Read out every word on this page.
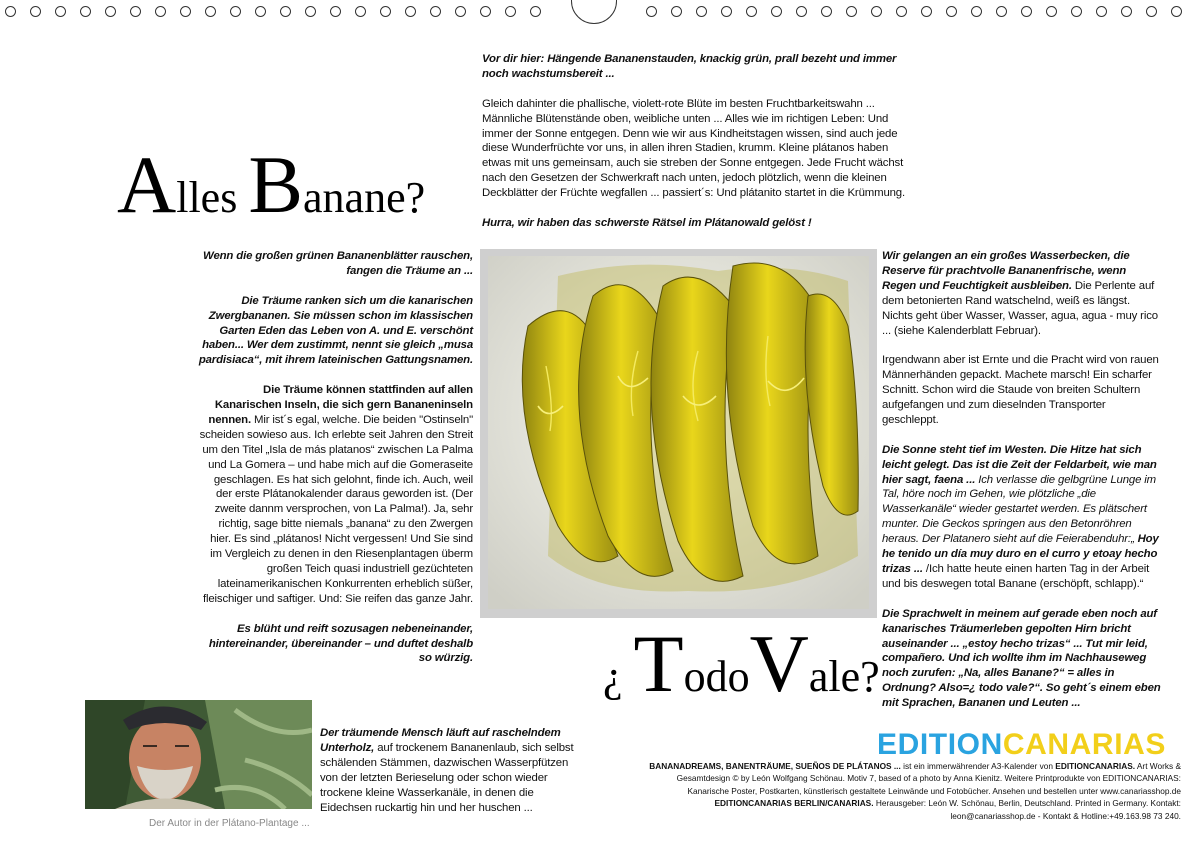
Alles Banane?

Vor dir hier: Hängende Bananenstauden, knackig grün, prall bezeht und immer noch wachstumsbereit ...

Gleich dahinter die phallische, violett-rote Blüte im besten Fruchtbarkeitswahn ... Männliche Blütenstände oben, weibliche unten ... Alles wie im richtigen Leben: Und immer der Sonne entgegen. Denn wie wir aus Kindheitstagen wissen, sind auch jede diese Wunderfrüchte vor uns, in allen ihren Stadien, krumm. Kleine plátanos haben etwas mit uns gemeinsam, auch sie streben der Sonne entgegen. Jede Frucht wächst nach den Gesetzen der Schwerkraft nach unten, jedoch plötzlich, wenn die kleinen Deckblätter der Früchte wegfallen ... passiert´s: Und plátanito startet in die Krümmung.

Hurra, wir haben das schwerste Rätsel im Plátanowald gelöst !

Wenn die großen grünen Bananenblätter rauschen, fangen die Träume an ...

Die Träume ranken sich um die kanarischen Zwergbananen. Sie müssen schon im klassischen Garten Eden das Leben von A. und E. verschönt haben... Wer dem zustimmt, nennt sie gleich „musa pardisiaca“, mit ihrem lateinischen Gattungsnamen.

Die Träume können stattfinden auf allen Kanarischen Inseln, die sich gern Bananeninseln nennen. Mir ist´s egal, welche. Die beiden "Ostinseln" scheiden sowieso aus. Ich erlebte seit Jahren den Streit um den Titel „Isla de más platanos“ zwischen La Palma und La Gomera – und habe mich auf die Gomeraseite geschlagen. Es hat sich gelohnt, finde ich. Auch, weil der erste Plátanokalender daraus geworden ist. (Der zweite dannm versprochen, von La Palma!). Ja, sehr richtig, sage bitte niemals „banana“ zu den Zwergen hier. Es sind „plátanos! Nicht vergessen! Und Sie sind im Vergleich zu denen in den Riesenplantagen überm großen Teich quasi industriell gezüchteten lateinamerikanischen Konkurrenten erheblich süßer, fleischiger und saftiger. Und: Sie reifen das ganze Jahr.

Es blüht und reift sozusagen nebeneinander, hintereinander, übereinander – und duftet deshalb so würzig.

Wir gelangen an ein großes Wasserbecken, die Reserve für prachtvolle Bananenfrische, wenn Regen und Feuchtigkeit ausbleiben. Die Perlente auf dem betonierten Rand watschelnd, weiß es längst. Nichts geht über Wasser, Wasser, agua, agua - muy rico ... (siehe Kalenderblatt Februar).

Irgendwann aber ist Ernte und die Pracht wird von rauen Männerhänden gepackt. Machete marsch! Ein scharfer Schnitt. Schon wird die Staude von breiten Schultern aufgefangen und zum dieselnden Transporter geschleppt.

Die Sonne steht tief im Westen. Die Hitze hat sich leicht gelegt. Das ist die Zeit der Feldarbeit, wie man hier sagt, faena ... Ich verlasse die gelbgrüne Lunge im Tal, höre noch im Gehen, wie plötzliche „die Wasserkanäle“ wieder gestartet werden. Es plätschert munter. Die Geckos springen aus den Betonröhren heraus. Der Platanero sieht auf die Feierabenduhr:„ Hoy he tenido un día muy duro en el curro y etoay hecho trizas ... /Ich hatte heute einen harten Tag in der Arbeit und bis deswegen total Banane (erschöpft, schlapp).“

Die Sprachwelt in meinem auf gerade eben noch auf kanarisches Träumerleben gepolten Hirn bricht auseinander ... „estoy hecho trizas“ ... Tut mir leid, compañero. Und ich wollte ihm im Nachhauseweg noch zurufen: „Na, alles Banane?“ = alles in Ordnung? Also=¿ todo vale?“. So geht´s einem eben mit Sprachen, Bananen und Leuten ...

¿ TodoVale?
Der Autor in der Plátano-Plantage ...

Der träumende Mensch läuft auf raschelndem Unterholz, auf trockenem Bananenlaub, sich selbst schälenden Stämmen, dazwischen Wasserpfützen von der letzten Berieselung oder schon wieder trockene kleine Wasserkanäle, in denen die Eidechsen ruckartig hin und her huschen ...

EDITIONCANARIAS
BANANADREAMS, BANENTRÄUME, SUEÑOS DE PLÁTANOS ... ist ein immerwährender A3-Kalender von EDITIONCANARIAS. Art Works & Gesamtdesign © by León Wolfgang Schönau. Motiv 7, based of a photo by Anna Kienitz. Weitere Printprodukte von EDITIONCANARIAS: Kanarische Poster, Postkarten, künstlerisch gestaltete Leinwände und Fotobücher. Ansehen und bestellen unter www.canariasshop.de EDITIONCANARIAS BERLIN/CANARIAS. Herausgeber: León W. Schönau, Berlin, Deutschland. Printed in Germany. Kontakt: leon@canariasshop.de - Kontakt & Hotline:+49.163.98 73 240.
